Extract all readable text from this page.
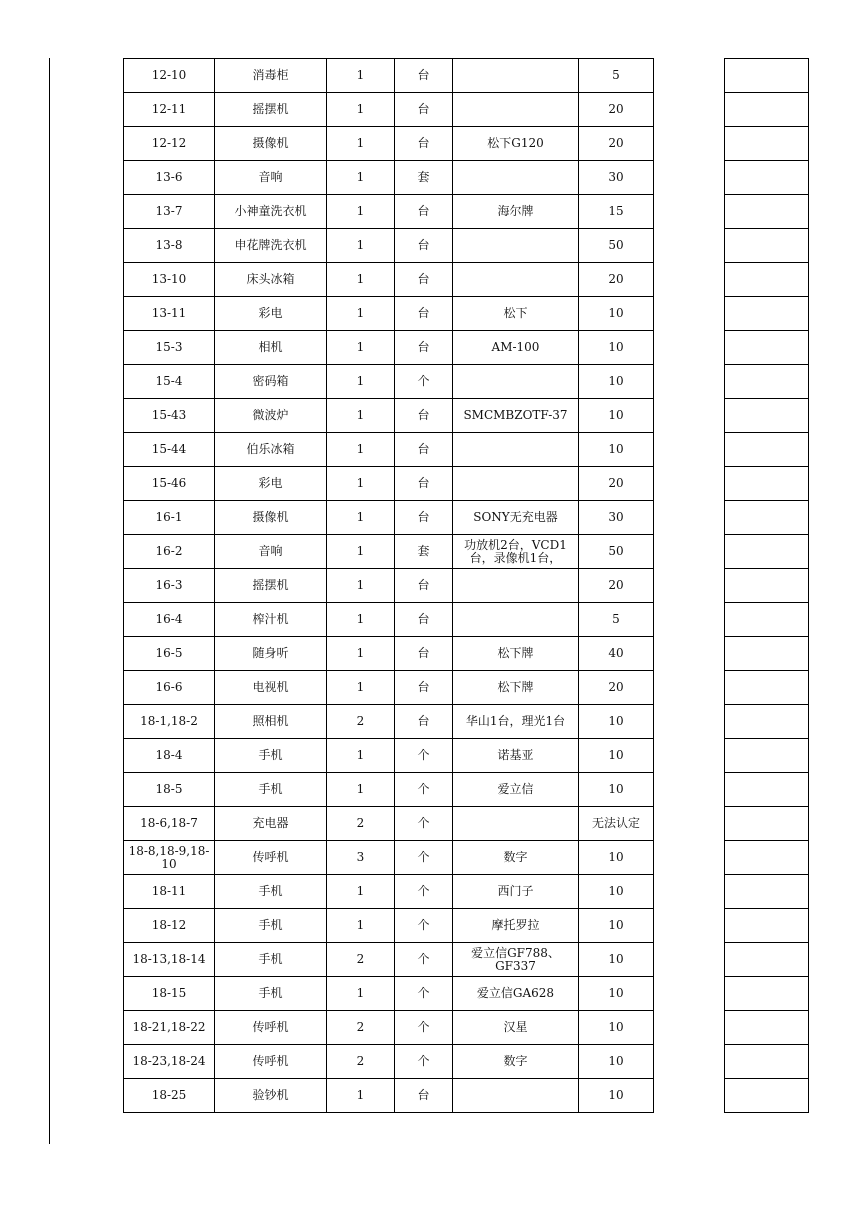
12-10	消毒柜	1	台		5
12-11	摇摆机	1	台		20
12-12	摄像机	1	台	松下G120	20
13-6	音响	1	套		30
13-7	小神童洗衣机	1	台	海尔牌	15
13-8	申花牌洗衣机	1	台		50
13-10	床头冰箱	1	台		20
13-11	彩电	1	台	松下	10
15-3	相机	1	台	AM-100	10
15-4	密码箱	1	个		10
15-43	微波炉	1	台	SMCMBZOTF-37	10
15-44	伯乐冰箱	1	台		10
15-46	彩电	1	台		20
16-1	摄像机	1	台	SONY无充电器	30
16-2	音响	1	套	功放机2台，VCD1台，录像机1台，	50
16-3	摇摆机	1	台		20
16-4	榨汁机	1	台		5
16-5	随身听	1	台	松下牌	40
16-6	电视机	1	台	松下牌	20
18-1,18-2	照相机	2	台	华山1台，理光1台	10
18-4	手机	1	个	诺基亚	10
18-5	手机	1	个	爱立信	10
18-6,18-7	充电器	2	个		无法认定
18-8,18-9,18-10	传呼机	3	个	数字	10
18-11	手机	1	个	西门子	10
18-12	手机	1	个	摩托罗拉	10
18-13,18-14	手机	2	个	爱立信GF788、GF337	10
18-15	手机	1	个	爱立信GA628	10
18-21,18-22	传呼机	2	个	汉星	10
18-23,18-24	传呼机	2	个	数字	10
18-25	验钞机	1	台		10
